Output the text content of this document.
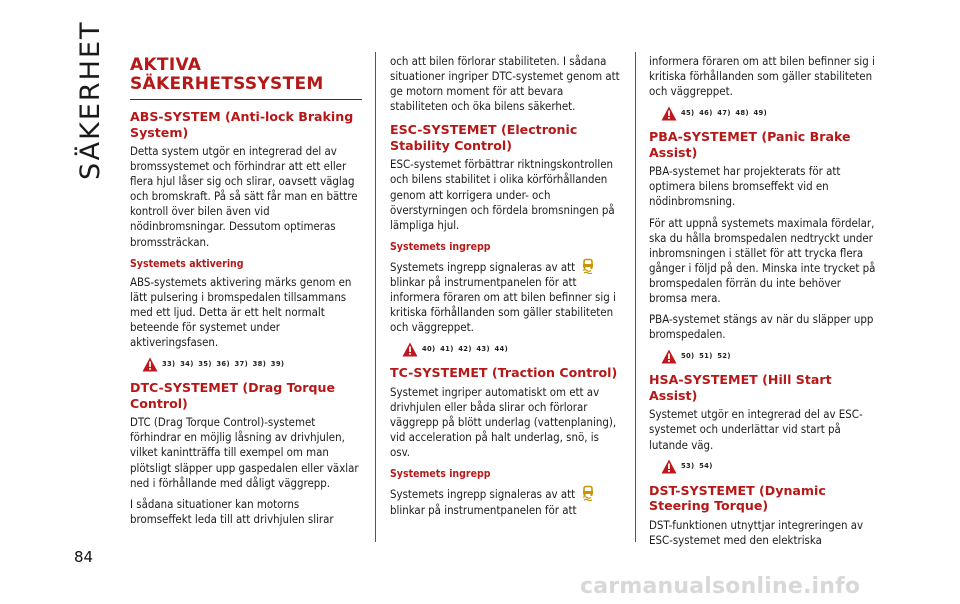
SÄKERHET
84
carmanualsonline.info
AKTIVA SÄKERHETSSYSTEM
ABS-SYSTEM (Anti-lock Braking System)

Detta system utgör en integrerad del av bromssystemet och förhindrar att ett eller flera hjul låser sig och slirar, oavsett väglag och bromskraft. På så sätt får man en bättre kontroll över bilen även vid nödinbromsningar. Dessutom optimeras bromssträckan.

Systemets aktivering

ABS-systemets aktivering märks genom en lätt pulsering i bromspedalen tillsammans med ett ljud. Detta är ett helt normalt beteende för systemet under aktiveringsfasen.

33) 34) 35) 36) 37) 38) 39)
DTC-SYSTEMET (Drag Torque Control)

DTC (Drag Torque Control)-systemet förhindrar en möjlig låsning av drivhjulen, vilket kanintträffa till exempel om man plötsligt släpper upp gaspedalen eller växlar ned i förhållande med dåligt väggrepp.

I sådana situationer kan motorns bromseffekt leda till att drivhjulen slirar

och att bilen förlorar stabiliteten. I sådana situationer ingriper DTC-systemet genom att ge motorn moment för att bevara stabiliteten och öka bilens säkerhet.

ESC-SYSTEMET (Electronic Stability Control)

ESC-systemet förbättrar riktningskontrollen och bilens stabilitet i olika körförhållanden genom att korrigera under- och överstyrningen och fördela bromsningen på lämpliga hjul.

Systemets ingrepp

Systemets ingrepp signaleras av att  blinkar på instrumentpanelen för att informera föraren om att bilen befinner sig i kritiska förhållanden som gäller stabiliteten och väggreppet.

40) 41) 42) 43) 44)
TC-SYSTEMET (Traction Control)

Systemet ingriper automatiskt om ett av drivhjulen eller båda slirar och förlorar väggrepp på blött underlag (vattenplaning), vid acceleration på halt underlag, snö, is osv.

Systemets ingrepp

Systemets ingrepp signaleras av att  blinkar på instrumentpanelen för att

informera föraren om att bilen befinner sig i kritiska förhållanden som gäller stabiliteten och väggreppet.

45) 46) 47) 48) 49)
PBA-SYSTEMET (Panic Brake Assist)

PBA-systemet har projekterats för att optimera bilens bromseffekt vid en nödinbromsning.

För att uppnå systemets maximala fördelar, ska du hålla bromspedalen nedtryckt under inbromsningen i stället för att trycka flera gånger i följd på den. Minska inte trycket på bromspedalen förrän du inte behöver bromsa mera.

PBA-systemet stängs av när du släpper upp bromspedalen.

50) 51) 52)
HSA-SYSTEMET (Hill Start Assist)

Systemet utgör en integrerad del av ESC-systemet och underlättar vid start på lutande väg.

53) 54)
DST-SYSTEMET (Dynamic Steering Torque)

DST-funktionen utnyttjar integreringen av ESC-systemet med den elektriska
